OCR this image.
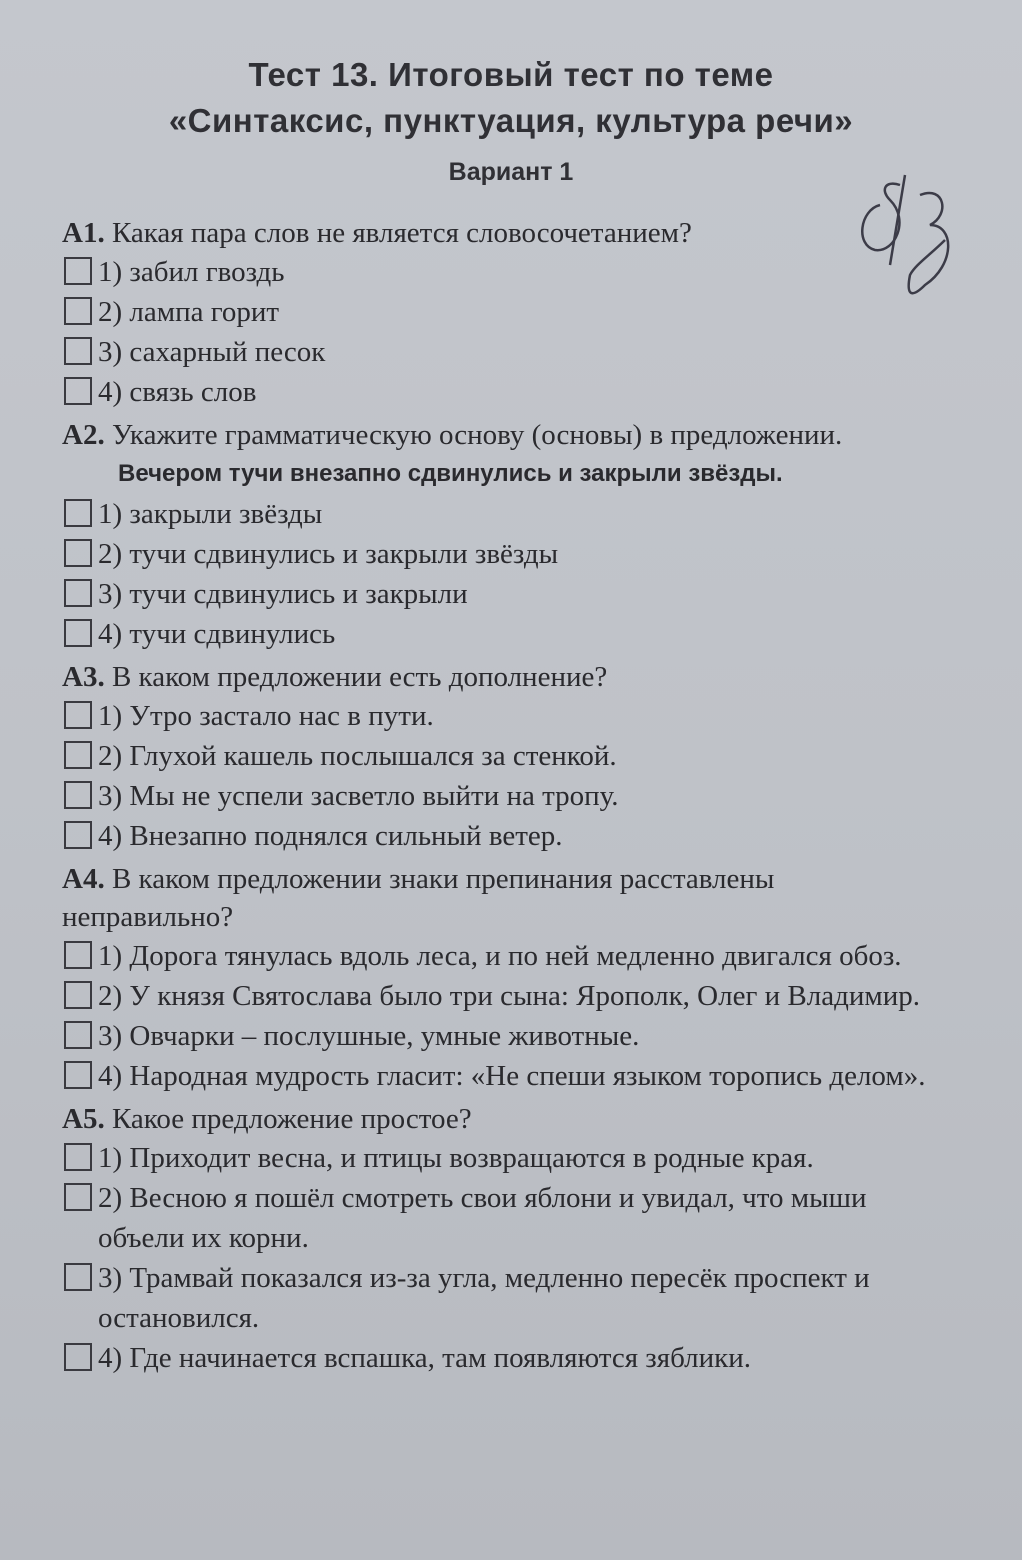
Тест 13. Итоговый тест по теме
«Синтаксис, пунктуация, культура речи»
Вариант 1
А1. Какая пара слов не является словосочетанием?
1) забил гвоздь
2) лампа горит
3) сахарный песок
4) связь слов
А2. Укажите грамматическую основу (основы) в предложении.
Вечером тучи внезапно сдвинулись и закрыли звёзды.
1) закрыли звёзды
2) тучи сдвинулись и закрыли звёзды
3) тучи сдвинулись и закрыли
4) тучи сдвинулись
А3. В каком предложении есть дополнение?
1) Утро застало нас в пути.
2) Глухой кашель послышался за стенкой.
3) Мы не успели засветло выйти на тропу.
4) Внезапно поднялся сильный ветер.
А4. В каком предложении знаки препинания расставлены неправильно?
1) Дорога тянулась вдоль леса, и по ней медленно двигался обоз.
2) У князя Святослава было три сына: Ярополк, Олег и Владимир.
3) Овчарки – послушные, умные животные.
4) Народная мудрость гласит: «Не спеши языком торопись делом».
А5. Какое предложение простое?
1) Приходит весна, и птицы возвращаются в родные края.
2) Весною я пошёл смотреть свои яблони и увидал, что мыши объели их корни.
3) Трамвай показался из-за угла, медленно пересёк проспект и остановился.
4) Где начинается вспашка, там появляются зяблики.
